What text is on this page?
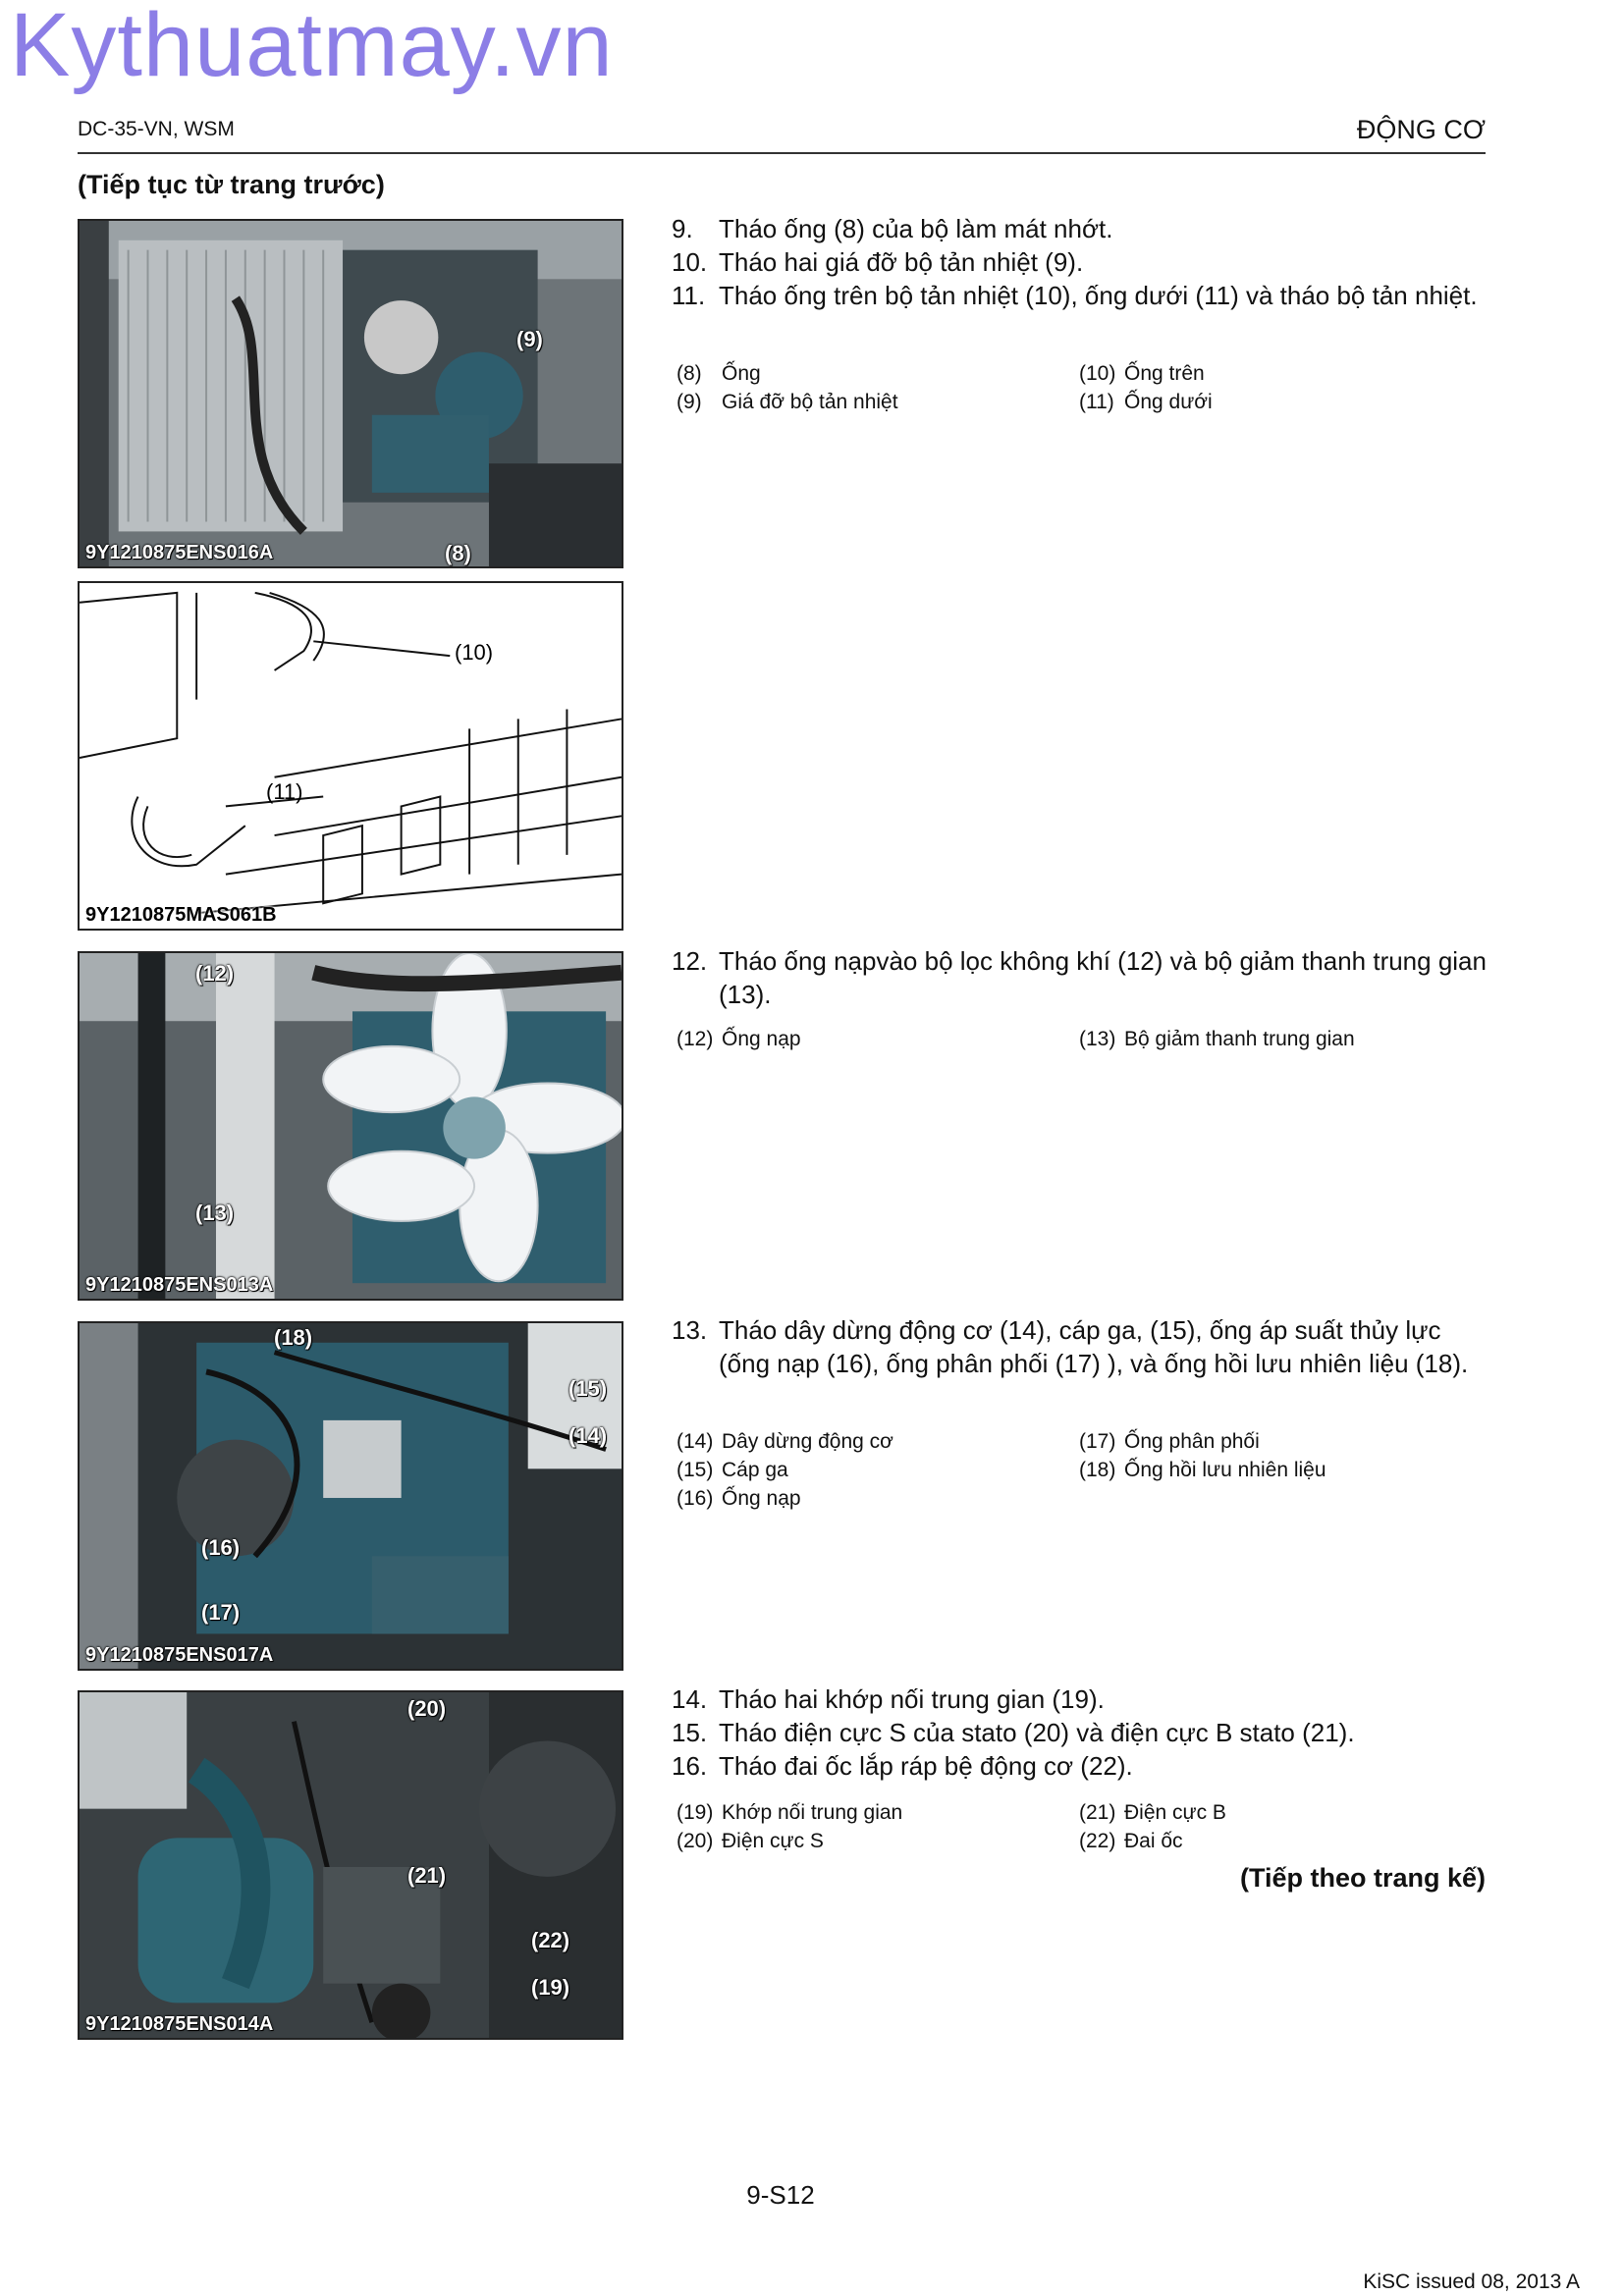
Kythuatmay.vn
DC-35-VN, WSM	ĐỘNG CƠ
(Tiếp tục từ trang trước)
(9)
(8)
9Y1210875ENS016A
(10)
(11)
9Y1210875MAS061B
(12)
(13)
9Y1210875ENS013A
(18)
(15)
(14)
(16)
(17)
9Y1210875ENS017A
(20)
(21)
(22)
(19)
9Y1210875ENS014A
9.	Tháo ống (8) của bộ làm mát nhớt.
10. Tháo hai giá đỡ bộ tản nhiệt (9).
11. Tháo ống trên bộ tản nhiệt (10), ống dưới (11) và tháo bộ tản nhiệt.
(8) Ống	(10) Ống trên
(9) Giá đỡ bộ tản nhiệt	(11) Ống dưới
12. Tháo ống nạpvào bộ lọc không khí (12) và bộ giảm thanh trung gian (13).
(12) Ống nạp	(13) Bộ giảm thanh trung gian
13. Tháo dây dừng động cơ (14), cáp ga, (15), ống áp suất thủy lực (ống nạp (16), ống phân phối (17) ), và ống hồi lưu nhiên liệu (18).
(14) Dây dừng động cơ	(17) Ống phân phối
(15) Cáp ga	(18) Ống hồi lưu nhiên liệu
(16) Ống nạp
14. Tháo hai khớp nối trung gian (19).
15. Tháo điện cực S của stato (20) và điện cực B stato (21).
16. Tháo đai ốc lắp ráp bệ động cơ (22).
(19) Khớp nối trung gian	(21) Điện cực B
(20) Điện cực S	(22) Đai ốc
(Tiếp theo trang kế)
9-S12
KiSC issued 08, 2013 A
